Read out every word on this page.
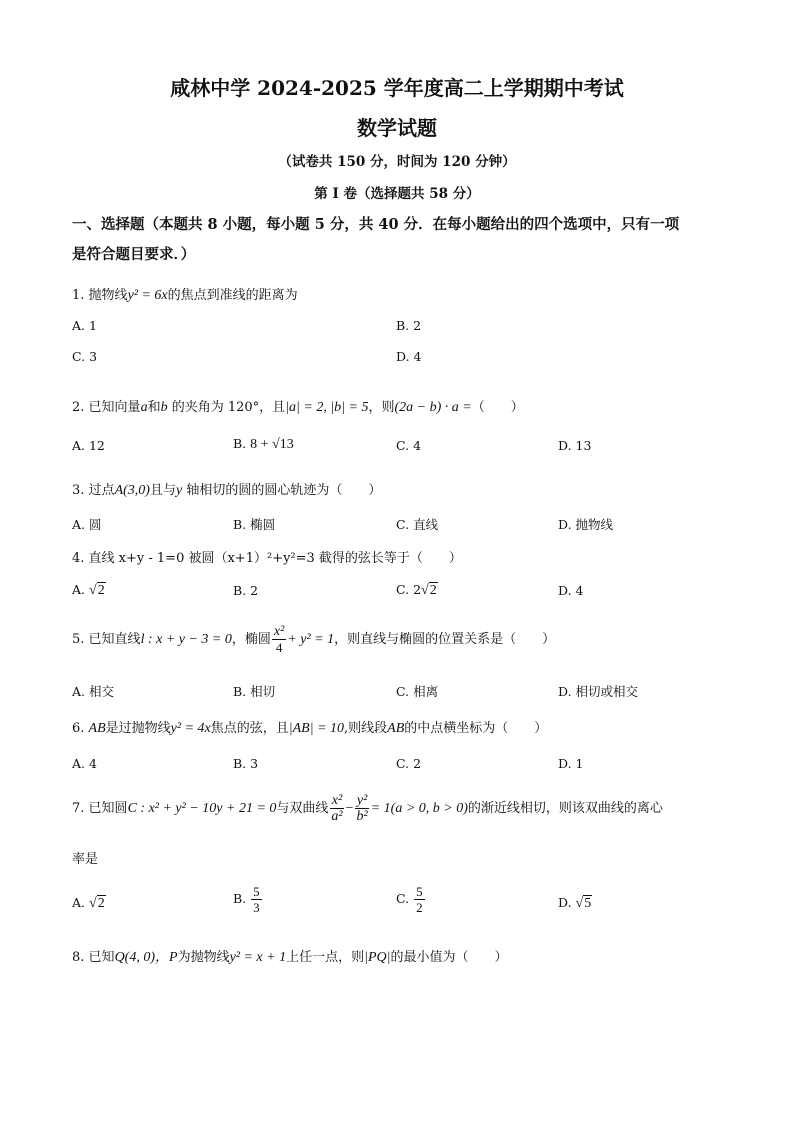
咸林中学 2024-2025 学年度高二上学期期中考试
数学试题
（试卷共 150 分，时间为 120 分钟）
第 I 卷（选择题共 58 分）
一、选择题（本题共 8 小题，每小题 5 分，共 40 分．在每小题给出的四个选项中，只有一项
是符合题目要求．）
1. 抛物线y² = 6x的焦点到准线的距离为
A. 1	B. 2
C. 3	D. 4
2. 已知向量a和b 的夹角为 120°，且|a| = 2, |b| = 5，则(2a − b) · a =（　　）
A. 12	B. 8 + √13	C. 4	D. 13
3. 过点A(3,0)且与y 轴相切的圆的圆心轨迹为（　　）
A. 圆	B. 椭圆	C. 直线	D. 抛物线
4. 直线 x+y - 1=0 被圆（x+1）²+y²=3 截得的弦长等于（　　）
A. √2	B. 2	C. 2√2	D. 4
5. 已知直线l : x + y − 3 = 0，椭圆 $\frac{\text{x²}}{4} + y^2 = 1$，则直线与椭圆的位置关系是（　　）
A. 相交	B. 相切	C. 相离	D. 相切或相交
6. AB是过抛物线y² = 4x焦点的弦，且|AB| = 10,则线段AB的中点横坐标为（　　）
A. 4	B. 3	C. 2	D. 1
7. 已知圆C : x² + y² − 10y + 21 = 0与双曲线 $\frac{\text{x²}}{\text{a²}} - \frac{\text{y²}}{\text{b²}} = 1(a > 0$, b > 0)的渐近线相切，则该双曲线的离心
率是
A. √2	B. $\frac{5}{3}$	C. $\frac{5}{2}$	D. √5
8. 已知Q(4, 0)，P为抛物线y² = x + 1上任一点，则|PQ|的最小值为（　　）
